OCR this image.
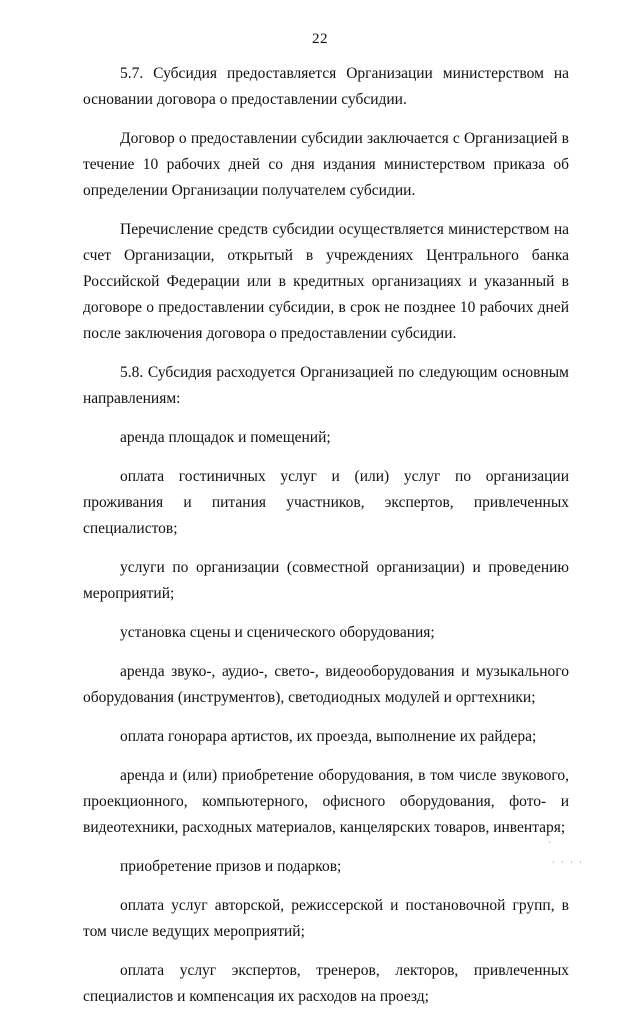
22

5.7. Субсидия предоставляется Организации министерством на основании договора о предоставлении субсидии.

Договор о предоставлении субсидии заключается с Организацией в течение 10 рабочих дней со дня издания министерством приказа об определении Организации получателем субсидии.

Перечисление средств субсидии осуществляется министерством на счет Организации, открытый в учреждениях Центрального банка Российской Федерации или в кредитных организациях и указанный в договоре о предоставлении субсидии, в срок не позднее 10 рабочих дней после заключения договора о предоставлении субсидии.

5.8. Субсидия расходуется Организацией по следующим основным направлениям:

аренда площадок и помещений;

оплата гостиничных услуг и (или) услуг по организации проживания и питания участников, экспертов, привлеченных специалистов;

услуги по организации (совместной организации) и проведению мероприятий;

установка сцены и сценического оборудования;

аренда звуко-, аудио-, свето-, видеооборудования и музыкального оборудования (инструментов), светодиодных модулей и оргтехники;

оплата гонорара артистов, их проезда, выполнение их райдера;

аренда и (или) приобретение оборудования, в том числе звукового, проекционного, компьютерного, офисного оборудования, фото- и видеотехники, расходных материалов, канцелярских товаров, инвентаря;

приобретение призов и подарков;

оплата услуг авторской, режиссерской и постановочной групп, в том числе ведущих мероприятий;

оплата услуг экспертов, тренеров, лекторов, привлеченных специалистов и компенсация их расходов на проезд;

·
· · · ·
